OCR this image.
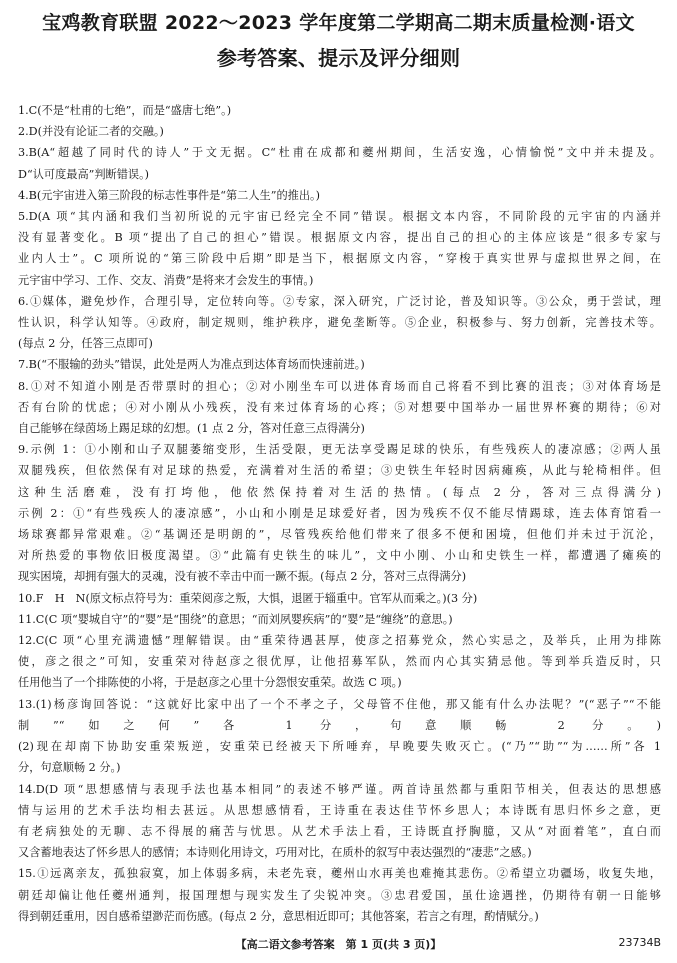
宝鸡教育联盟 2022～2023 学年度第二学期高二期末质量检测·语文
参考答案、提示及评分细则
1.C(不是“杜甫的七绝”，而是“盛唐七绝”。)
2.D(并没有论证二者的交融。)
3.B(A“超越了同时代的诗人”于文无据。C“杜甫在成都和夔州期间，生活安逸，心情愉悦”文中并未提及。
D“认可度最高”判断错误。)
4.B(元宇宙进入第三阶段的标志性事件是“第二人生”的推出。)
5.D(A 项“其内涵和我们当初所说的元宇宙已经完全不同”错误。根据文本内容，不同阶段的元宇宙的内涵并
没有显著变化。B 项“提出了自己的担心”错误。根据原文内容，提出自己的担心的主体应该是“很多专家与
业内人士”。C 项所说的“第三阶段中后期”即是当下，根据原文内容，“穿梭于真实世界与虚拟世界之间，在
元宇宙中学习、工作、交友、消费”是将来才会发生的事情。)
6.①媒体，避免炒作，合理引导，定位转向等。②专家，深入研究，广泛讨论，普及知识等。③公众，勇于尝试，理
性认识，科学认知等。④政府，制定规则，维护秩序，避免垄断等。⑤企业，积极参与、努力创新，完善技术等。
(每点 2 分，任答三点即可)
7.B(“不服输的劲头”错误，此处是两人为准点到达体育场而快速前进。)
8.①对不知道小刚是否带票时的担心；②对小刚坐车可以进体育场而自己将看不到比赛的沮丧；③对体育场是
否有台阶的忧虑；④对小刚从小残疾，没有来过体育场的心疼；⑤对想要中国举办一届世界杯赛的期待；⑥对
自己能够在绿茵场上踢足球的幻想。(1 点 2 分，答对任意三点得满分)
9.示例 1：①小刚和山子双腿萎缩变形，生活受限，更无法享受踢足球的快乐，有些残疾人的凄凉感；②两人虽
双腿残疾，但依然保有对足球的热爱，充满着对生活的希望；③史铁生年轻时因病瘫痪，从此与轮椅相伴。但
这种生活磨难，没有打垮他，他依然保持着对生活的热情。(每点 2 分，答对三点得满分)
示例 2：①“有些残疾人的凄凉感”，小山和小刚是足球爱好者，因为残疾不仅不能尽情踢球，连去体育馆看一
场球赛都异常艰难。②“基调还是明朗的”，尽管残疾给他们带来了很多不便和困境，但他们并未过于沉沦，
对所热爱的事物依旧极度渴望。③“此篇有史铁生的味儿”，文中小刚、小山和史铁生一样，都遭遇了瘫痪的
现实困境，却拥有强大的灵魂，没有被不幸击中而一蹶不振。(每点 2 分，答对三点得满分)
10.F　H　N(原文标点符号为：重荣阅彦之叛，大惧，退匿于辎重中。官军从而乘之。)(3 分)
11.C(C 项“婴城自守”的“婴”是“围绕”的意思；“而刘夙婴疾病”的“婴”是“缠绕”的意思。)
12.C(C 项“心里充满遗憾”理解错误。由“重荣待遇甚厚，使彦之招募党众，然心实忌之，及举兵，止用为排陈
使，彦之很之”可知，安重荣对待赵彦之很优厚，让他招募军队，然而内心其实猜忌他。等到举兵造反时，只
任用他当了一个排陈使的小将，于是赵彦之心里十分怨恨安重荣。故选 C 项。)
13.(1)杨彦询回答说：“这就好比家中出了一个不孝之子，父母管不住他，那又能有什么办法呢？”(“恶子”“不能
制”“如之何”各 1 分，句意顺畅 2 分。)
(2)现在却南下协助安重荣叛逆，安重荣已经被天下所唾弃，早晚要失败灭亡。(“乃”“助”“为……所”各 1
分，句意顺畅 2 分。)
14.D(D 项“思想感情与表现手法也基本相同”的表述不够严谨。两首诗虽然都与重阳节相关，但表达的思想感
情与运用的艺术手法均相去甚远。从思想感情看，王诗重在表达佳节怀乡思人；本诗既有思归怀乡之意，更
有老病独处的无聊、志不得展的痛苦与忧思。从艺术手法上看，王诗既直抒胸臆，又从“对面着笔”，直白而
又含蓄地表达了怀乡思人的感情；本诗则化用诗文，巧用对比，在质朴的叙写中表达强烈的“凄悲”之感。)
15.①远离亲友，孤独寂寞，加上体弱多病，未老先衰，夔州山水再美也难掩其悲伤。②希望立功疆场，收复失地，
朝廷却偏让他任夔州通判，报国理想与现实发生了尖锐冲突。③忠君爱国，虽仕途遇挫，仍期待有朝一日能够
得到朝廷重用，因自感希望渺茫而伤感。(每点 2 分，意思相近即可；其他答案，若言之有理，酌情赋分。)
【高二语文参考答案　第 1 页(共 3 页)】	23734B
